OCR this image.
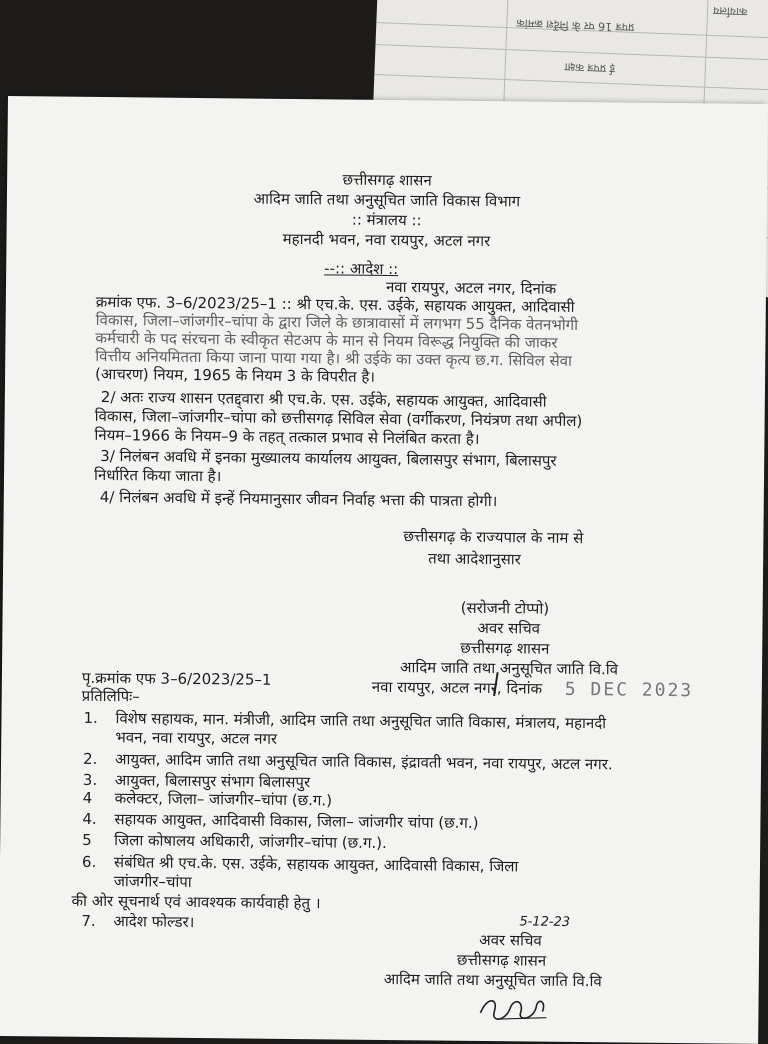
प्रपत्र 16 पर के निर्देश क्रमांक
ई प्रपत्र कक्षा
कार्यालय
छत्तीसगढ़ शासन
आदिम जाति तथा अनुसूचित जाति विकास विभाग
:: मंत्रालय ::
महानदी भवन, नवा रायपुर, अटल नगर
--:: आदेश ::
नवा रायपुर, अटल नगर, दिनांक
क्रमांक एफ. 3–6/2023/25–1 :: श्री एच.के. एस. उईके, सहायक आयुक्त, आदिवासी
विकास, जिला–जांजगीर–चांपा के द्वारा जिले के छात्रावासों में लगभग 55 दैनिक वेतनभोगी
कर्मचारी के पद संरचना के स्वीकृत सेटअप के मान से नियम विरूद्ध नियुक्ति की जाकर
वित्तीय अनियमितता किया जाना पाया गया है। श्री उईके का उक्त कृत्य छ.ग. सिविल सेवा
(आचरण) नियम, 1965 के नियम 3 के विपरीत है।
2/ अतः राज्य शासन एतद्द्वारा श्री एच.के. एस. उईके, सहायक आयुक्त, आदिवासी
विकास, जिला–जांजगीर–चांपा को छत्तीसगढ़ सिविल सेवा (वर्गीकरण, नियंत्रण तथा अपील)
नियम–1966 के नियम–9 के तहत् तत्काल प्रभाव से निलंबित करता है।
3/ निलंबन अवधि में इनका मुख्यालय कार्यालय आयुक्त, बिलासपुर संभाग, बिलासपुर
निर्धारित किया जाता है।
4/ निलंबन अवधि में इन्हें नियमानुसार जीवन निर्वाह भत्ता की पात्रता होगी।
छत्तीसगढ़ के राज्यपाल के नाम से
तथा आदेशानुसार
(सरोजनी टोप्पो)
अवर सचिव
छत्तीसगढ़ शासन
आदिम जाति तथा अनुसूचित जाति वि.वि
पृ.क्रमांक एफ 3–6/2023/25–1	नवा रायपुर, अटल नगर, दिनांक 5 DEC 2023
प्रतिलिपिः–
1. विशेष सहायक, मान. मंत्रीजी, आदिम जाति तथा अनुसूचित जाति विकास, मंत्रालय, महानदी
भवन, नवा रायपुर, अटल नगर
2. आयुक्त, आदिम जाति तथा अनुसूचित जाति विकास, इंद्रावती भवन, नवा रायपुर, अटल नगर.
3. आयुक्त, बिलासपुर संभाग बिलासपुर
4 कलेक्टर, जिला– जांजगीर–चांपा (छ.ग.)
4. सहायक आयुक्त, आदिवासी विकास, जिला– जांजगीर चांपा (छ.ग.)
5 जिला कोषालय अधिकारी, जांजगीर–चांपा (छ.ग.).
6. संबंधित श्री एच.के. एस. उईके, सहायक आयुक्त, आदिवासी विकास, जिला
जांजगीर–चांपा
की ओर सूचनार्थ एवं आवश्यक कार्यवाही हेतु ।
7. आदेश फोल्डर।	5-12-23
अवर सचिव
छत्तीसगढ़ शासन
आदिम जाति तथा अनुसूचित जाति वि.वि
